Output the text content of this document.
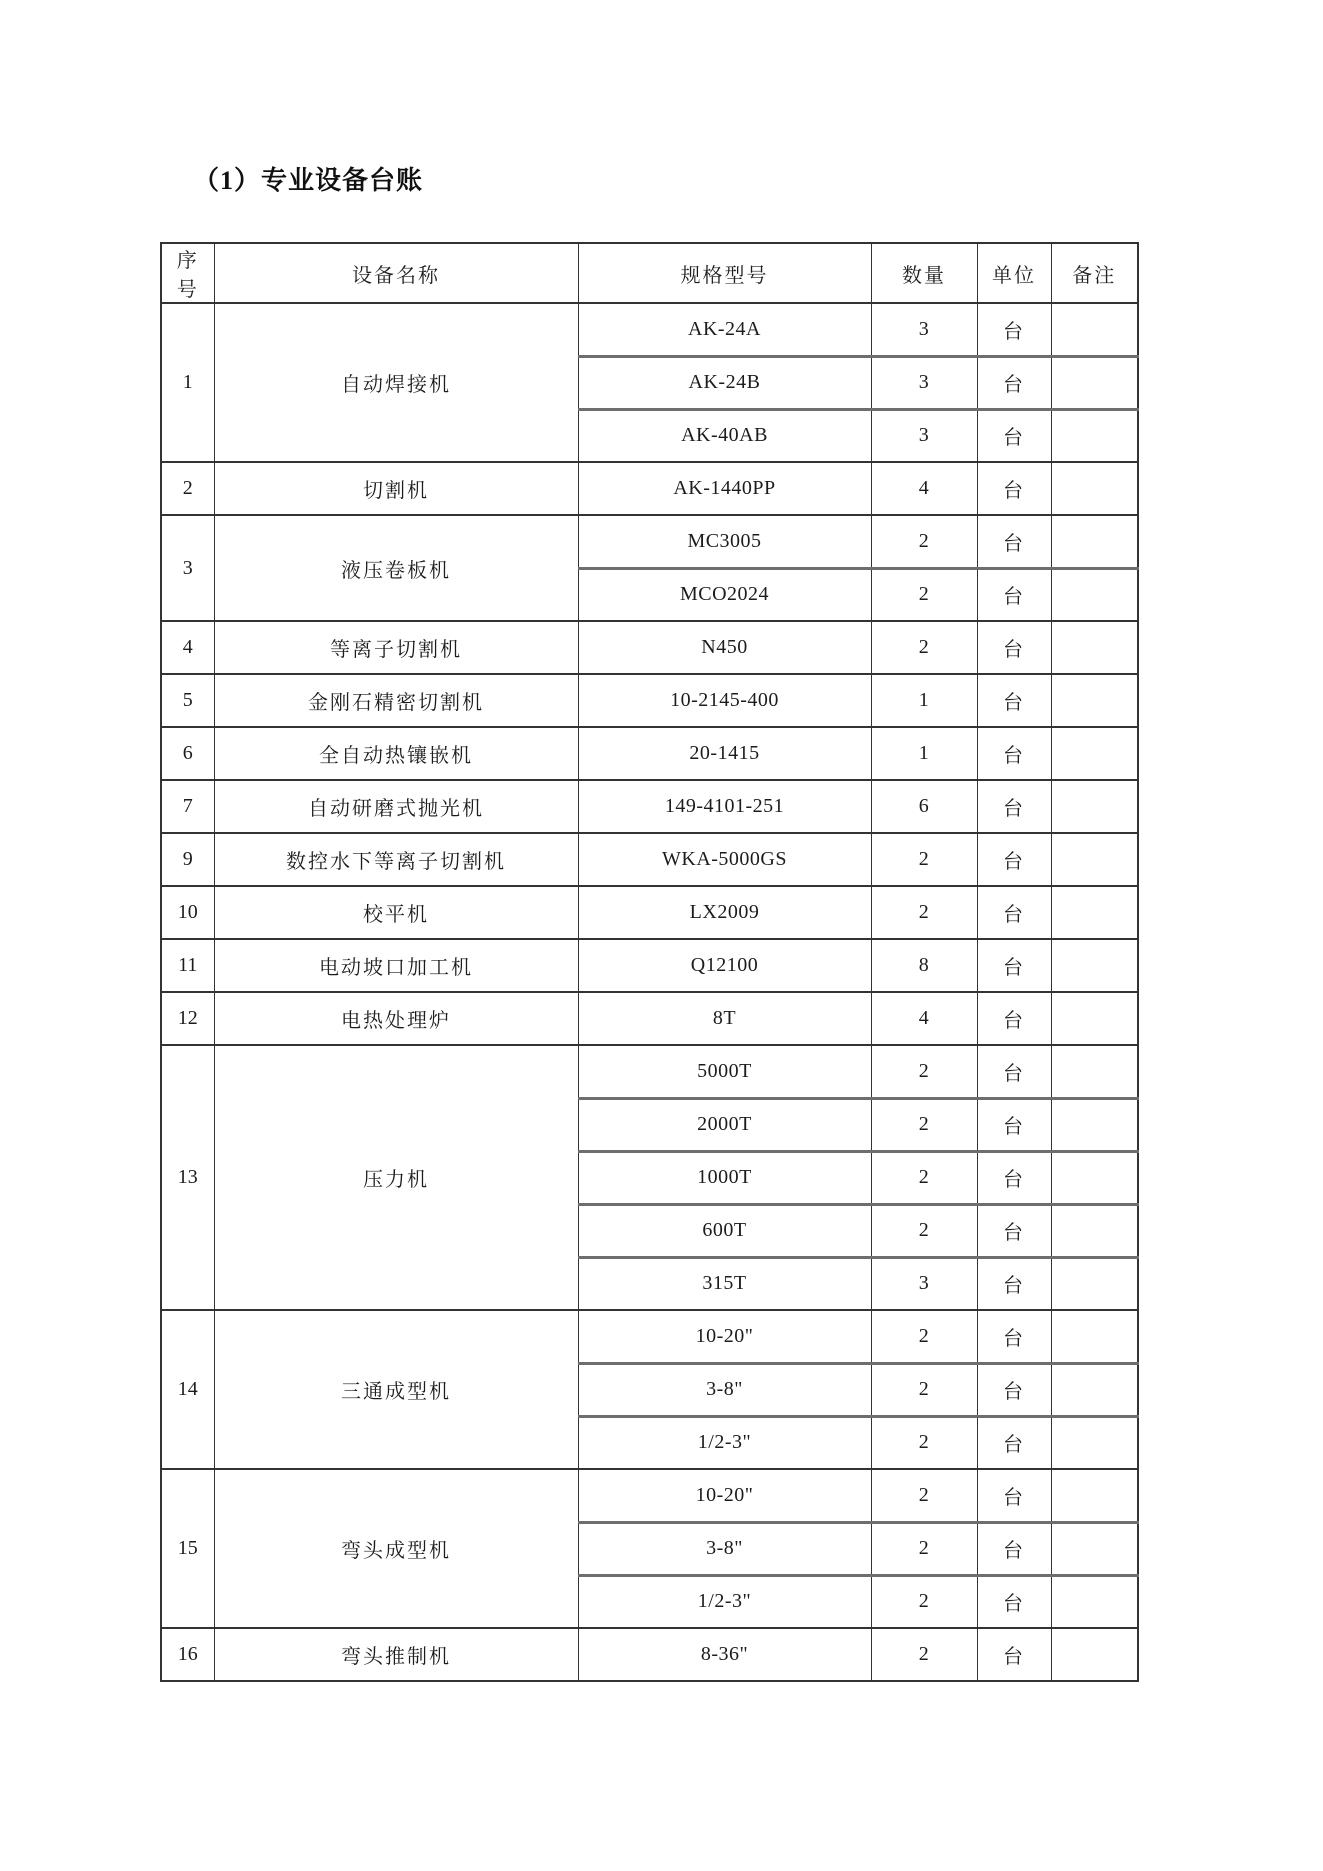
（1）专业设备台账
序号	设备名称	规格型号	数量	单位	备注
1	自动焊接机	AK-24A	3	台	
		AK-24B	3	台	
		AK-40AB	3	台	
2	切割机	AK-1440PP	4	台	
3	液压卷板机	MC3005	2	台	
		MCO2024	2	台	
4	等离子切割机	N450	2	台	
5	金刚石精密切割机	10-2145-400	1	台	
6	全自动热镶嵌机	20-1415	1	台	
7	自动研磨式抛光机	149-4101-251	6	台	
9	数控水下等离子切割机	WKA-5000GS	2	台	
10	校平机	LX2009	2	台	
11	电动坡口加工机	Q12100	8	台	
12	电热处理炉	8T	4	台	
13	压力机	5000T	2	台	
		2000T	2	台	
		1000T	2	台	
		600T	2	台	
		315T	3	台	
14	三通成型机	10-20"	2	台	
		3-8"	2	台	
		1/2-3"	2	台	
15	弯头成型机	10-20"	2	台	
		3-8"	2	台	
		1/2-3"	2	台	
16	弯头推制机	8-36"	2	台	
